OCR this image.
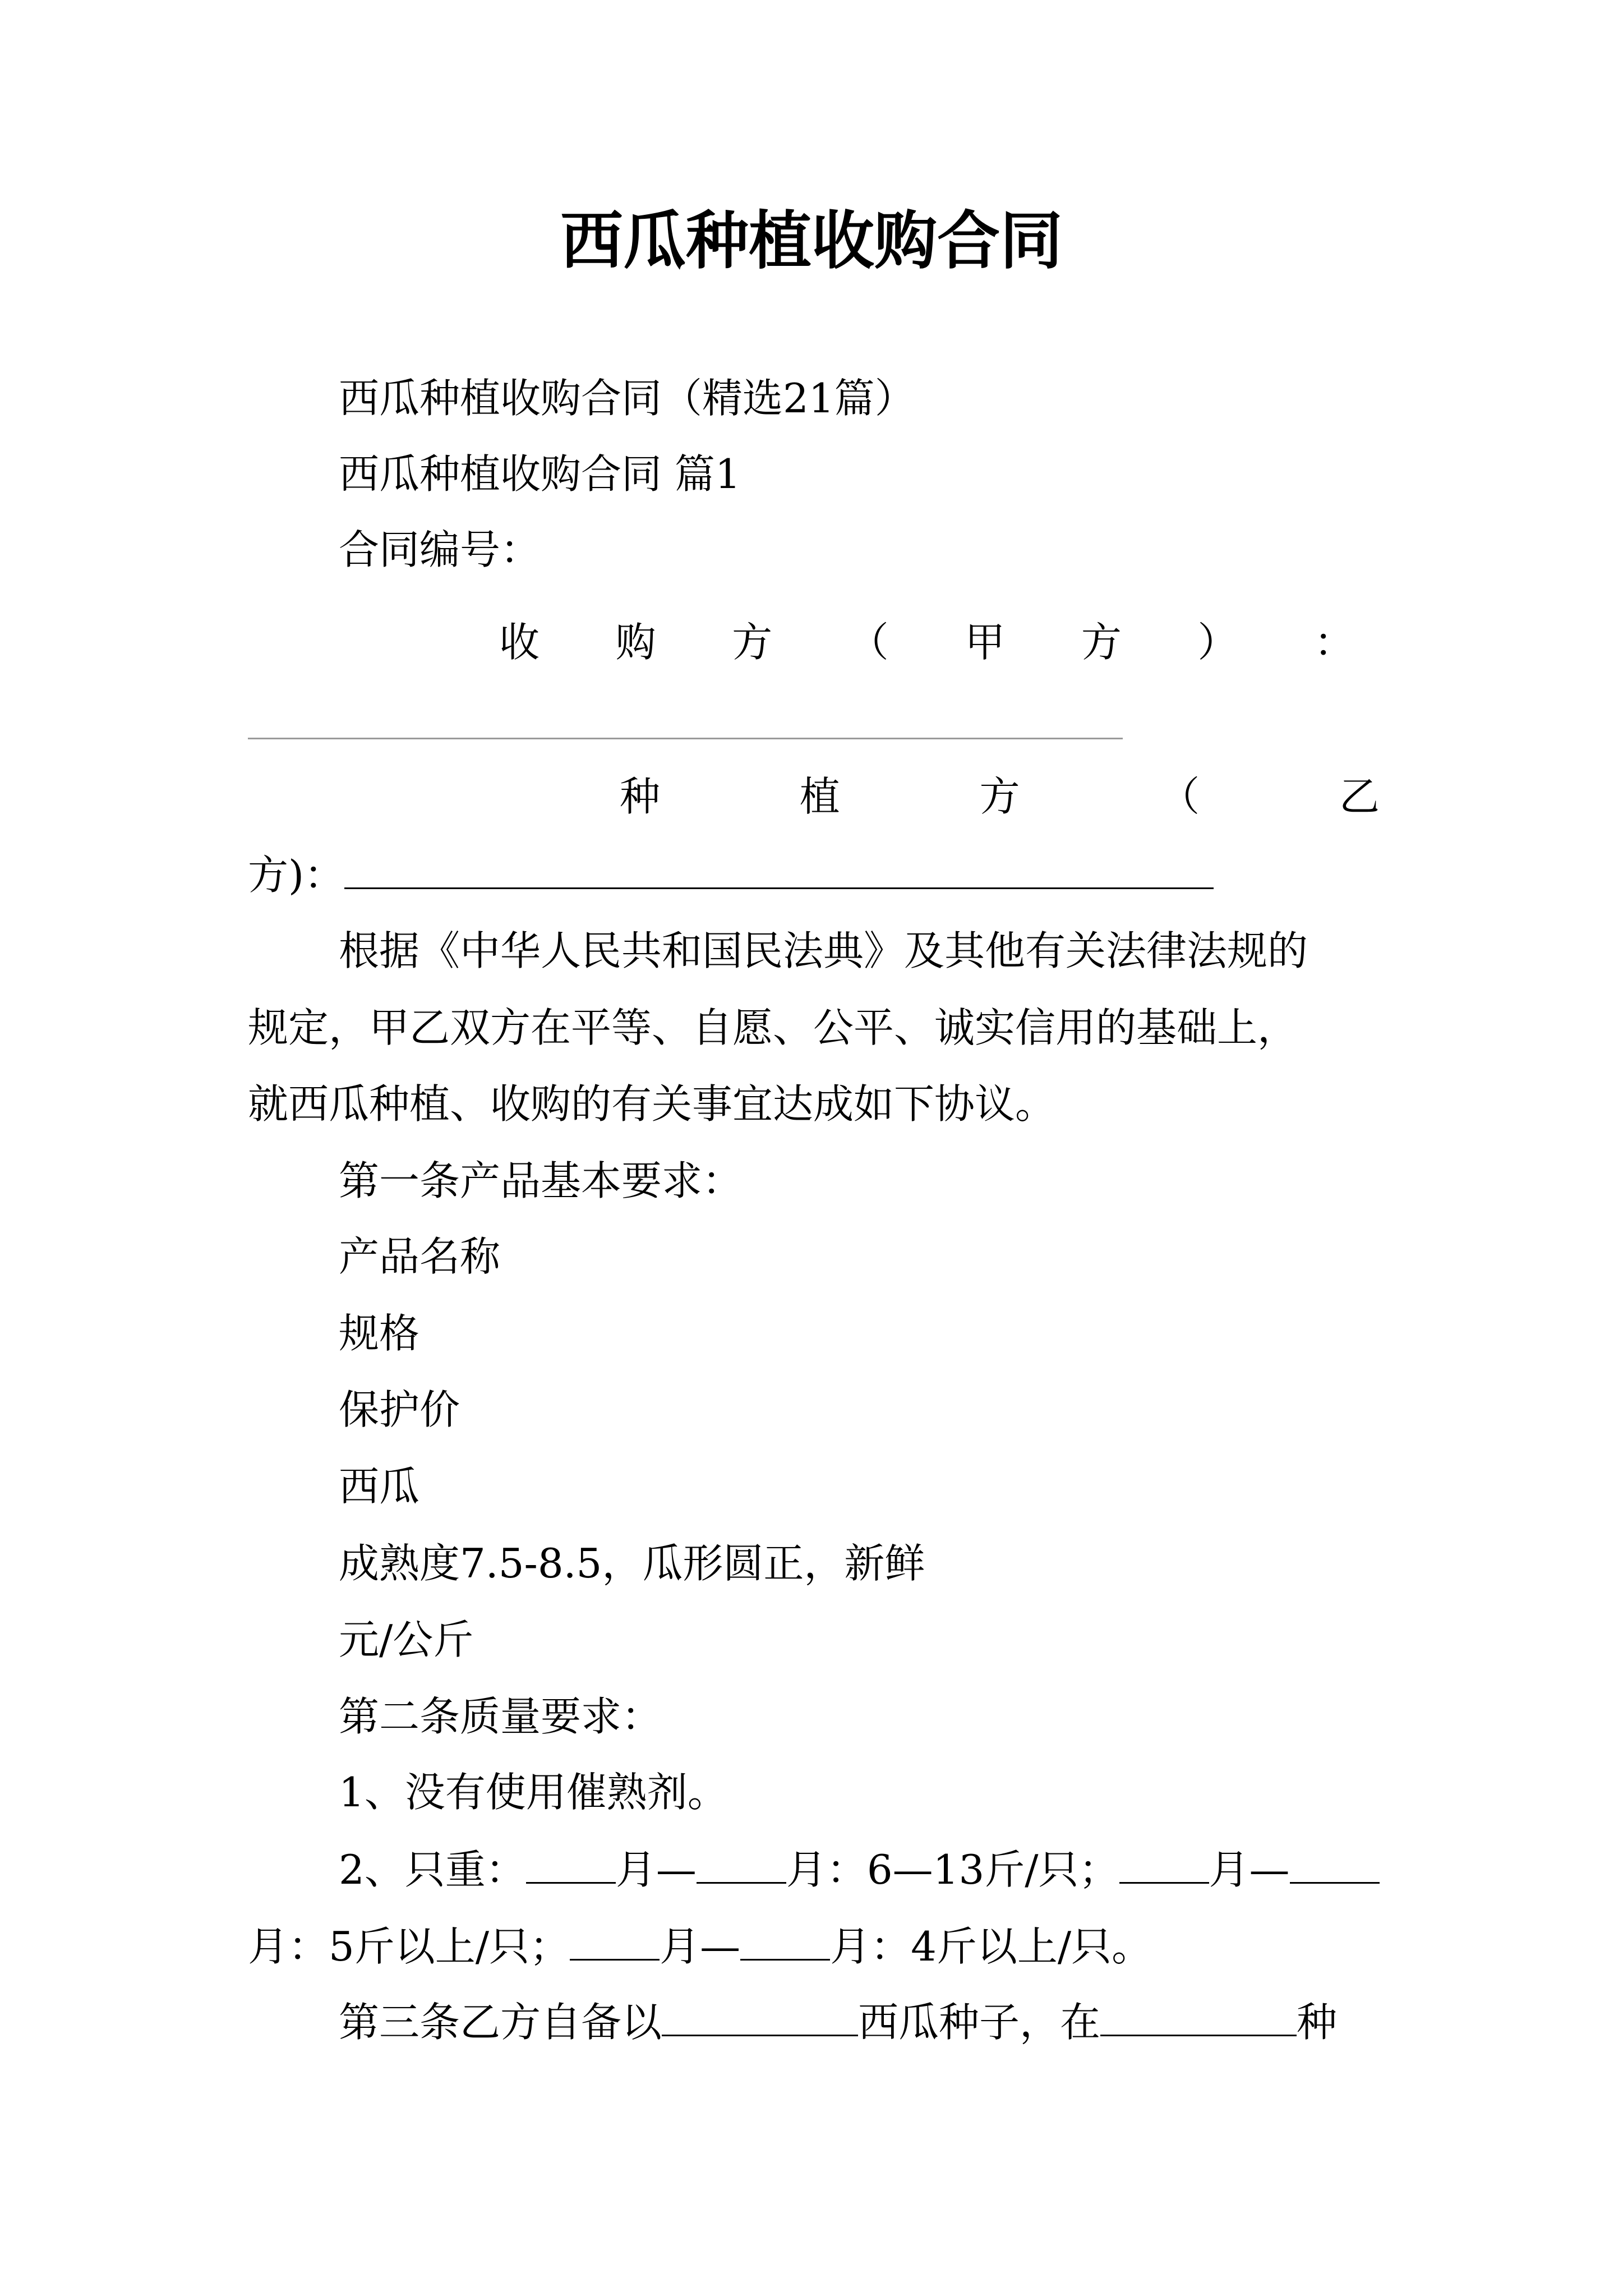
西瓜种植收购合同
西瓜种植收购合同（精选21篇）
西瓜种植收购合同 篇1
合同编号：
收 购 方 （ 甲 方 ） ：
种	植	方	（	乙
方)：
根据《中华人民共和国民法典》及其他有关法律法规的
规定，甲乙双方在平等、自愿、公平、诚实信用的基础上，
就西瓜种植、收购的有关事宜达成如下协议。
第一条产品基本要求：
产品名称
规格
保护价
西瓜
成熟度7.5-8.5，瓜形圆正，新鲜
元/公斤
第二条质量要求：
1、没有使用催熟剂。
2、只重： 月— 月：6—13斤/只； 月—
月：5斤以上/只； 月— 月：4斤以上/只。
第三条乙方自备以	西瓜种子，在	种
